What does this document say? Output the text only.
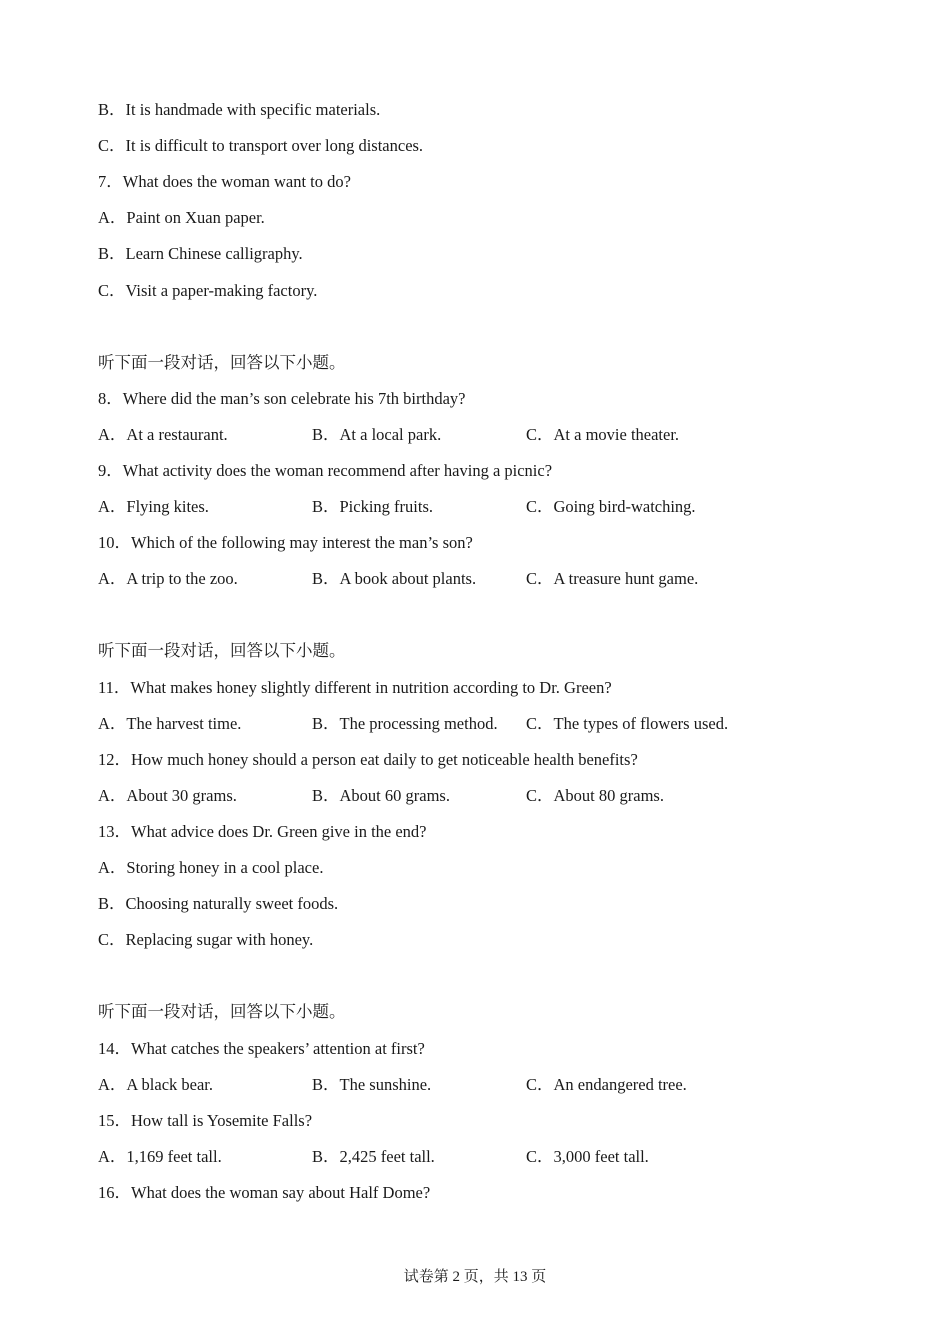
B．It is handmade with specific materials.
C．It is difficult to transport over long distances.
7．What does the woman want to do?
A．Paint on Xuan paper.
B．Learn Chinese calligraphy.
C．Visit a paper-making factory.
听下面一段对话，回答以下小题。
8．Where did the man’s son celebrate his 7th birthday?
A．At a restaurant.	B．At a local park.	C．At a movie theater.
9．What activity does the woman recommend after having a picnic?
A．Flying kites.	B．Picking fruits.	C．Going bird-watching.
10．Which of the following may interest the man’s son?
A．A trip to the zoo.	B．A book about plants.	C．A treasure hunt game.
听下面一段对话，回答以下小题。
11．What makes honey slightly different in nutrition according to Dr. Green?
A．The harvest time.	B．The processing method. C．The types of flowers used.
12．How much honey should a person eat daily to get noticeable health benefits?
A．About 30 grams.	B．About 60 grams.	C．About 80 grams.
13．What advice does Dr. Green give in the end?
A．Storing honey in a cool place.
B．Choosing naturally sweet foods.
C．Replacing sugar with honey.
听下面一段对话，回答以下小题。
14．What catches the speakers’ attention at first?
A．A black bear.	B．The sunshine.	C．An endangered tree.
15．How tall is Yosemite Falls?
A．1,169 feet tall.	B．2,425 feet tall.	C．3,000 feet tall.
16．What does the woman say about Half Dome?
试卷第 2 页，共 13 页
